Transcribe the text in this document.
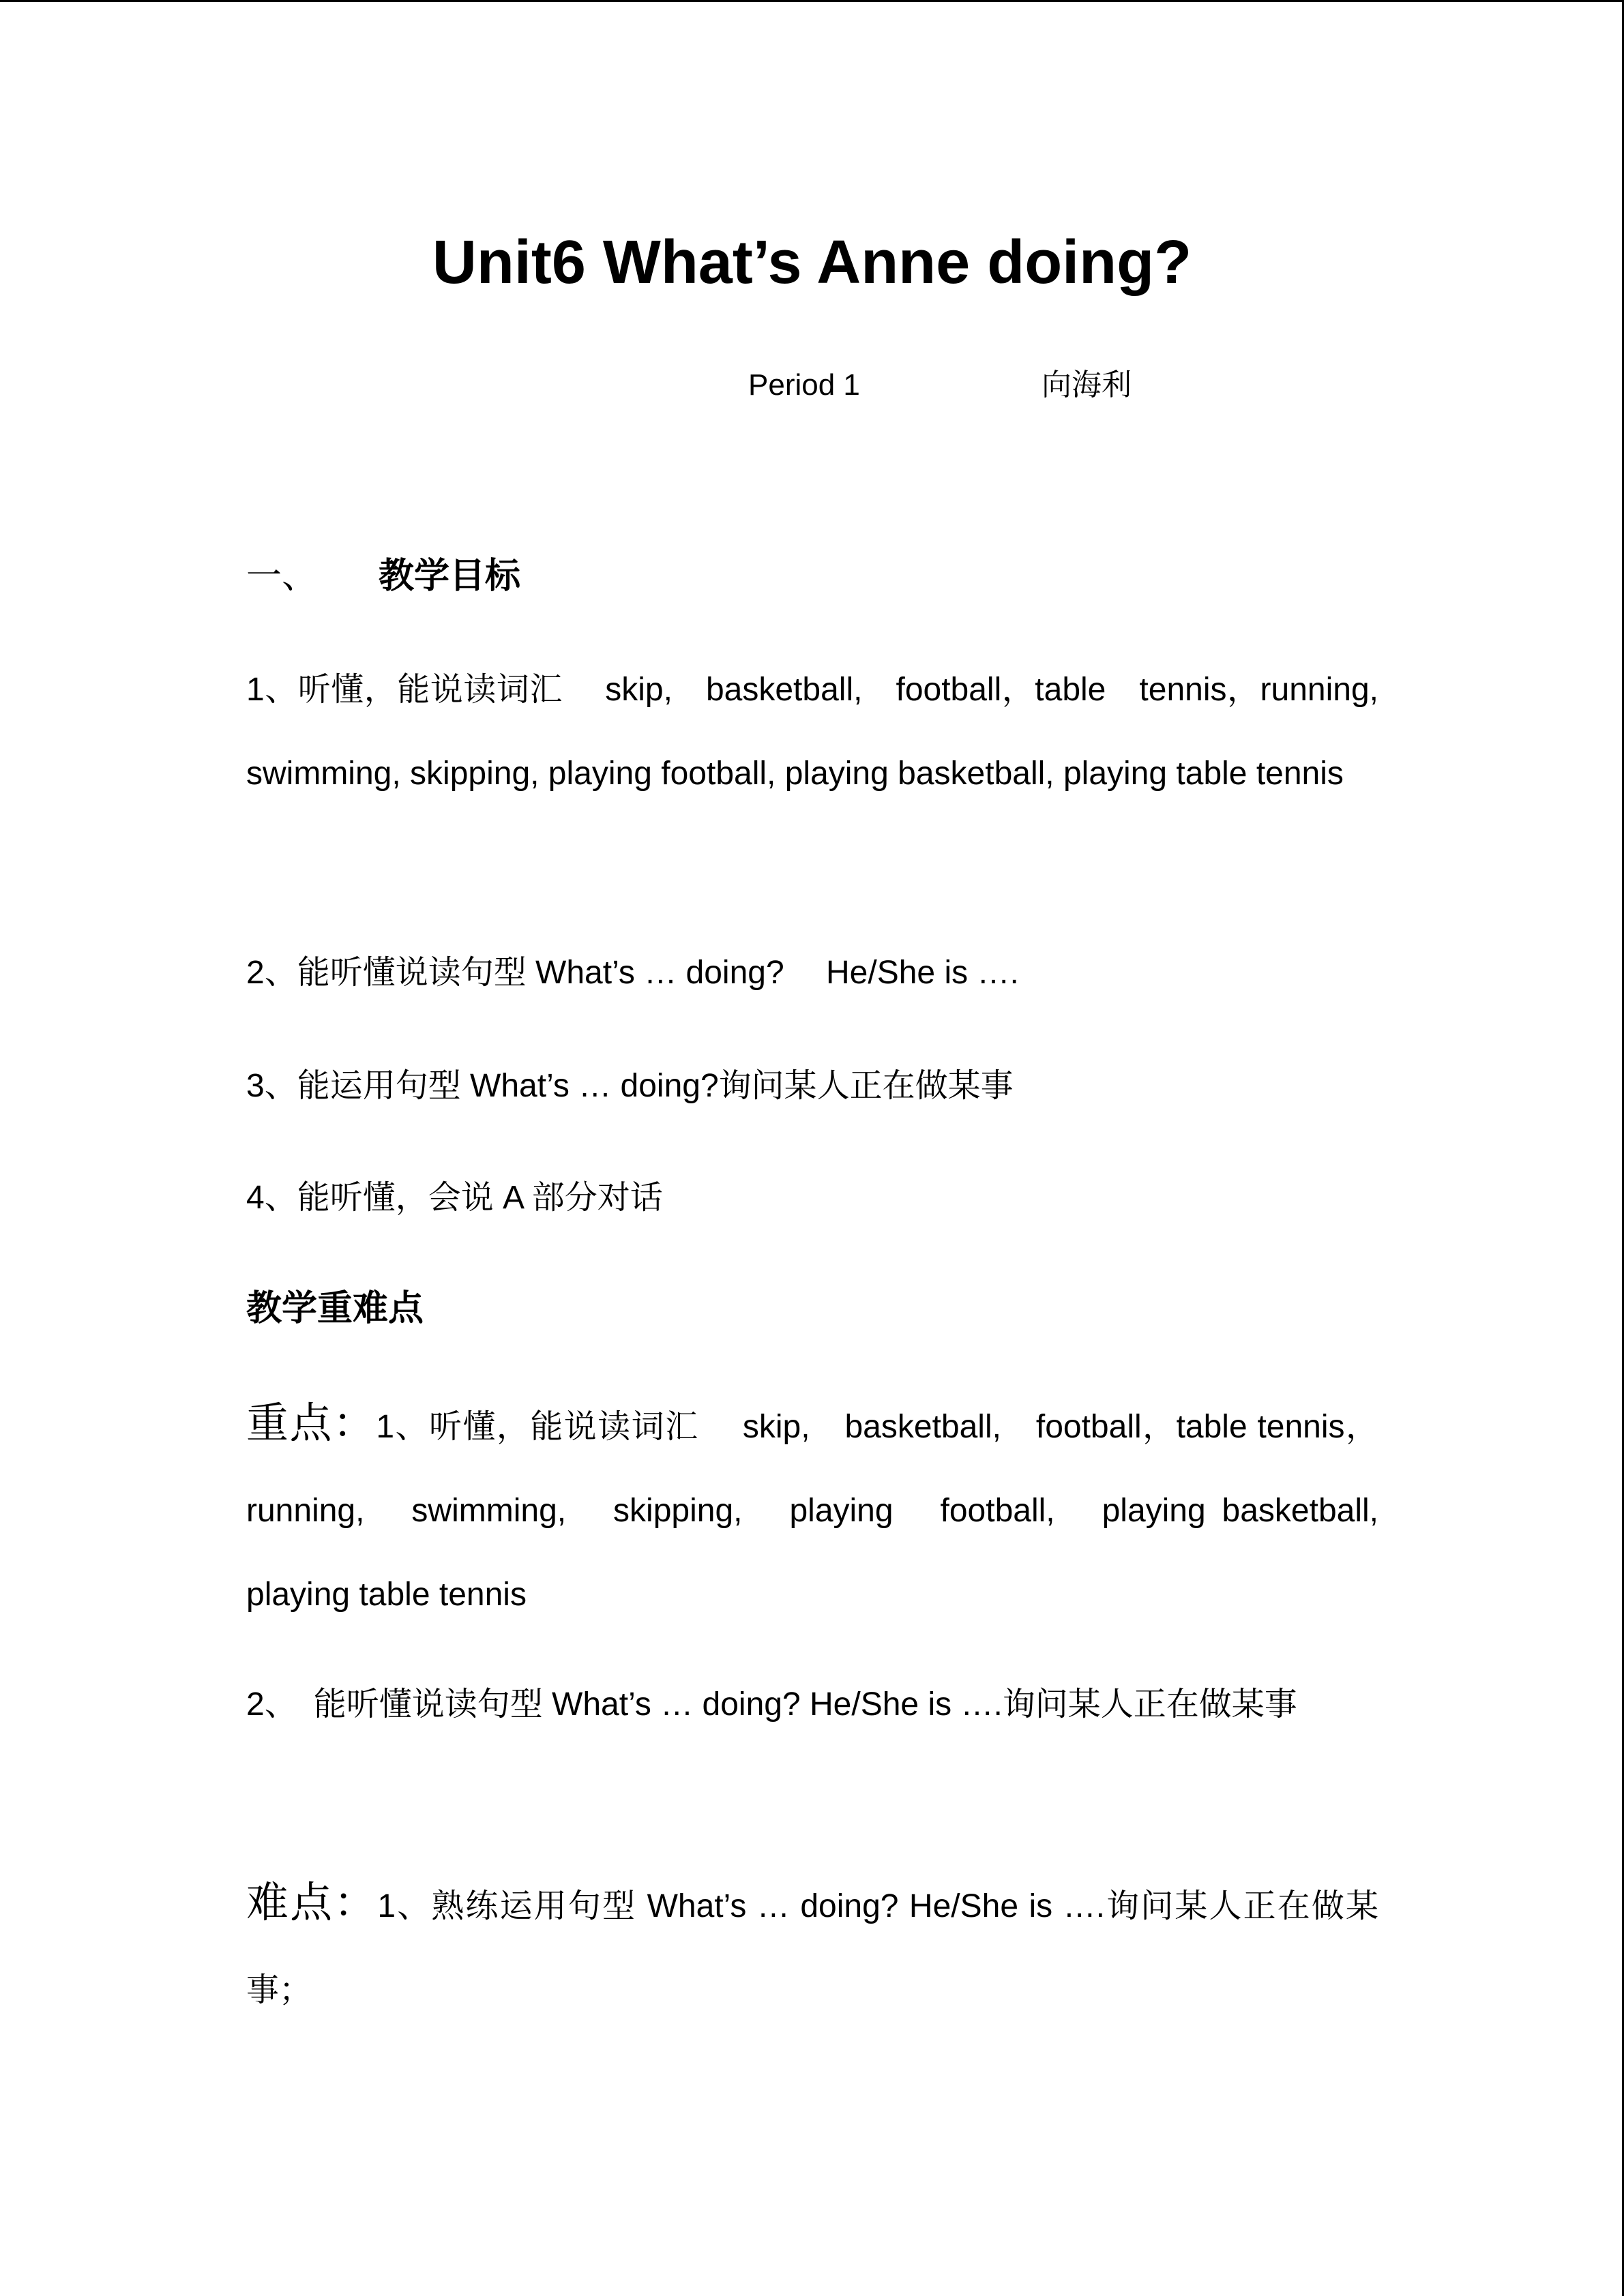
Unit6 What’s Anne doing?
Period 1	向海利
一、 教学目标
1、听懂，能说读词汇　 skip,　basketball,　football，table　tennis，running, swimming, skipping, playing football, playing basketball, playing table tennis
2、能听懂说读句型 What’s … doing?　 He/She is ….
3、能运用句型 What’s … doing?询问某人正在做某事
4、能听懂，会说 A 部分对话
教学重难点
重点：1、听懂，能说读词汇　 skip,　basketball,　football，table tennis，running,　swimming,　skipping,　playing　football,　playing basketball, playing table tennis
2、　能听懂说读句型 What’s … doing? He/She is ….询问某人正在做某事
难点：1、熟练运用句型 What’s … doing? He/She is ….询问某人正在做某事；
